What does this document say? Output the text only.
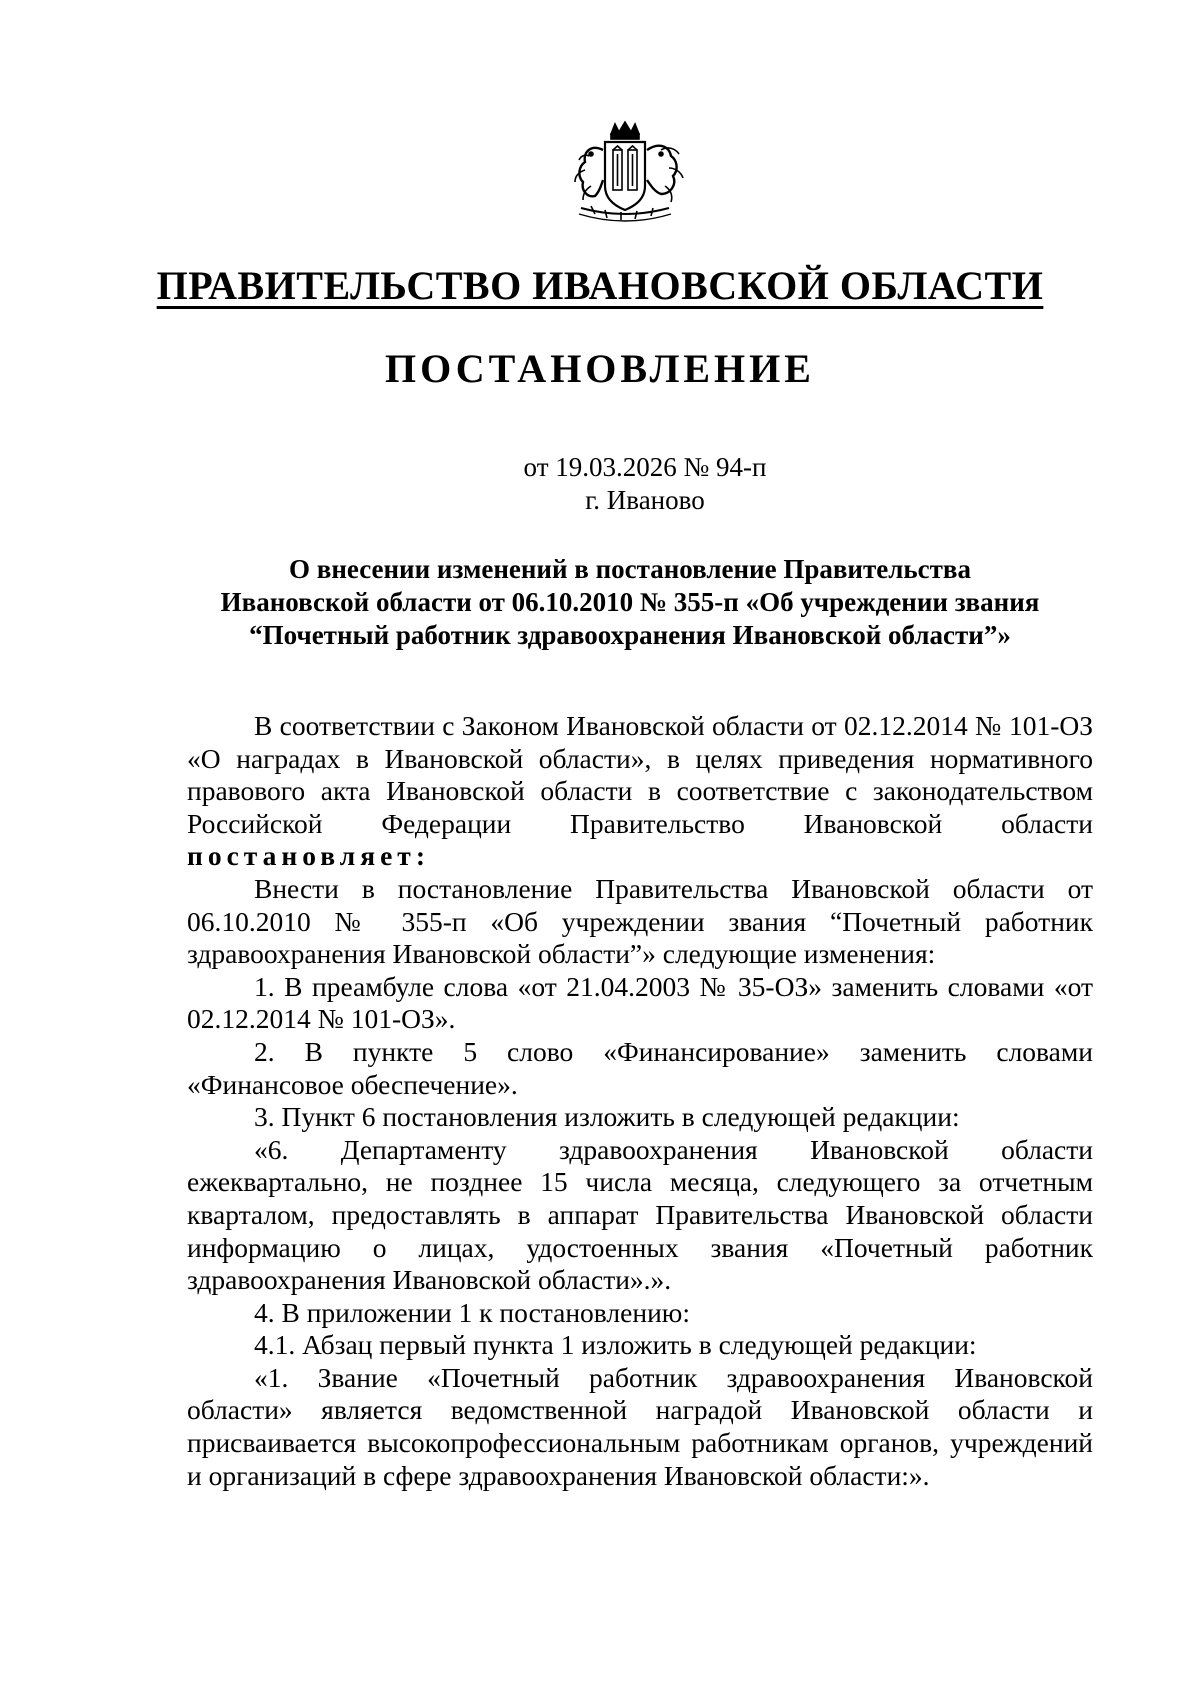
ПРАВИТЕЛЬСТВО ИВАНОВСКОЙ ОБЛАСТИ
ПОСТАНОВЛЕНИЕ
от 19.03.2026 № 94-п
г. Иваново
О внесении изменений в постановление Правительства
Ивановской области от 06.10.2010 № 355-п «Об учреждении звания
“Почетный работник здравоохранения Ивановской области”»

В соответствии с Законом Ивановской области от 02.12.2014 № 101-ОЗ «О наградах в Ивановской области», в целях приведения нормативного правового акта Ивановской области в соответствие с законодательством Российской Федерации Правительство Ивановской области постановляет:

Внести в постановление Правительства Ивановской области от 06.10.2010 № 355-п «Об учреждении звания “Почетный работник здравоохранения Ивановской области”» следующие изменения:

1. В преамбуле слова «от 21.04.2003 № 35-ОЗ» заменить словами «от 02.12.2014 № 101-ОЗ».

2. В пункте 5 слово «Финансирование» заменить словами «Финансовое обеспечение».

3. Пункт 6 постановления изложить в следующей редакции:

«6. Департаменту здравоохранения Ивановской области ежеквартально, не позднее 15 числа месяца, следующего за отчетным кварталом, предоставлять в аппарат Правительства Ивановской области информацию о лицах, удостоенных звания «Почетный работник здравоохранения Ивановской области».».

4. В приложении 1 к постановлению:

4.1. Абзац первый пункта 1 изложить в следующей редакции:

«1. Звание «Почетный работник здравоохранения Ивановской области» является ведомственной наградой Ивановской области и присваивается высокопрофессиональным работникам органов, учреждений и организаций в сфере здравоохранения Ивановской области:».
